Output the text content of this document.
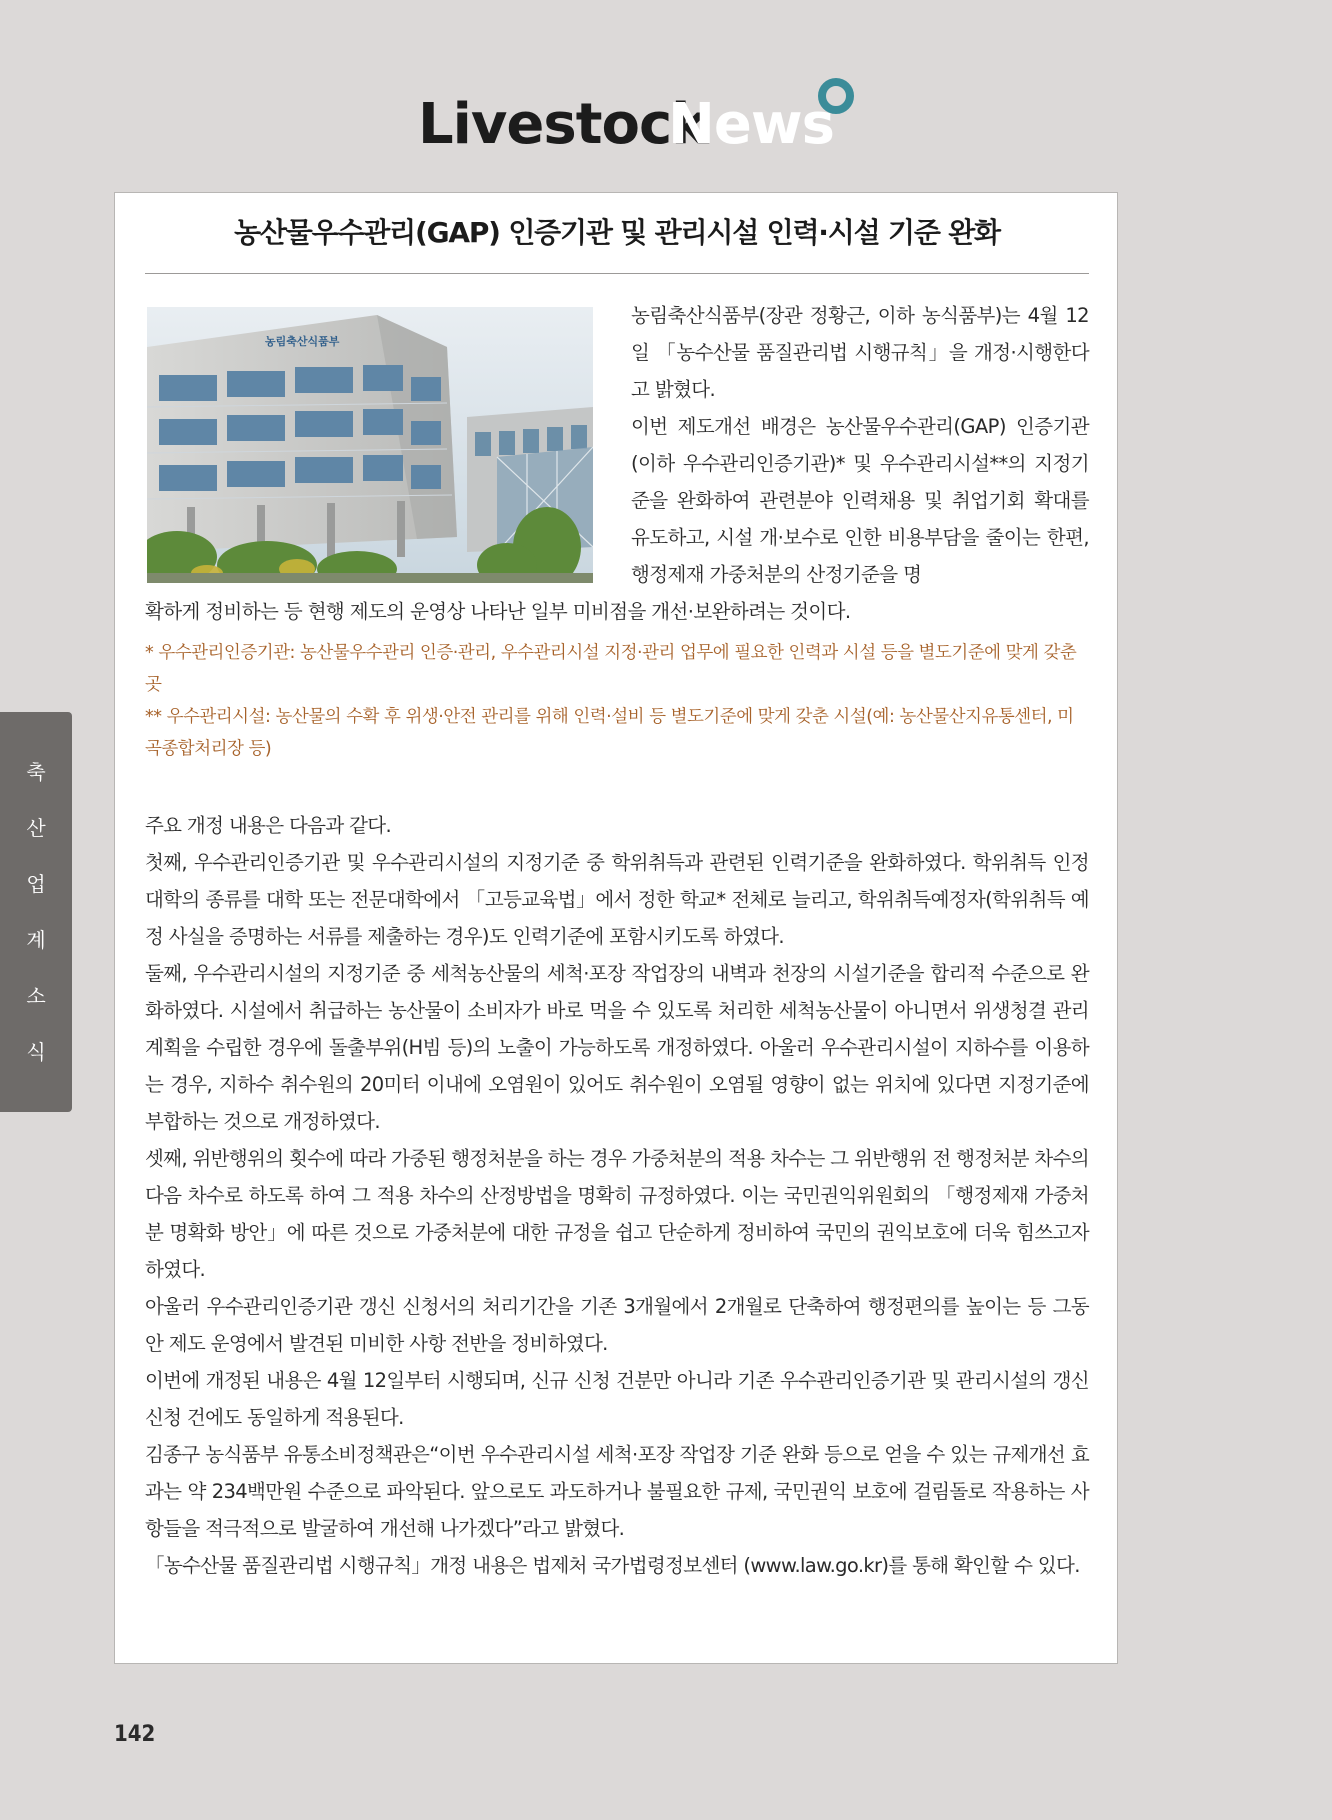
Livestock
News
축
산
업
계
소
식
농산물우수관리(GAP) 인증기관 및 관리시설 인력·시설 기준 완화
농림축산식품부

농림축산식품부(장관 정황근, 이하 농식품부)는 4월 12일 「농수산물 품질관리법 시행규칙」을 개정·시행한다고 밝혔다.

이번 제도개선 배경은 농산물우수관리(GAP) 인증기관(이하 우수관리인증기관)* 및 우수관리시설**의 지정기준을 완화하여 관련분야 인력채용 및 취업기회 확대를 유도하고, 시설 개·보수로 인한 비용부담을 줄이는 한편, 행정제재 가중처분의 산정기준을 명

확하게 정비하는 등 현행 제도의 운영상 나타난 일부 미비점을 개선·보완하려는 것이다.

* 우수관리인증기관: 농산물우수관리 인증·관리, 우수관리시설 지정·관리 업무에 필요한 인력과 시설 등을 별도기준에 맞게 갖춘 곳

** 우수관리시설: 농산물의 수확 후 위생·안전 관리를 위해 인력·설비 등 별도기준에 맞게 갖춘 시설(예: 농산물산지유통센터, 미곡종합처리장 등)

주요 개정 내용은 다음과 같다.

첫째, 우수관리인증기관 및 우수관리시설의 지정기준 중 학위취득과 관련된 인력기준을 완화하였다. 학위취득 인정 대학의 종류를 대학 또는 전문대학에서 「고등교육법」에서 정한 학교* 전체로 늘리고, 학위취득예정자(학위취득 예정 사실을 증명하는 서류를 제출하는 경우)도 인력기준에 포함시키도록 하였다.

둘째, 우수관리시설의 지정기준 중 세척농산물의 세척·포장 작업장의 내벽과 천장의 시설기준을 합리적 수준으로 완화하였다. 시설에서 취급하는 농산물이 소비자가 바로 먹을 수 있도록 처리한 세척농산물이 아니면서 위생청결 관리계획을 수립한 경우에 돌출부위(H빔 등)의 노출이 가능하도록 개정하였다. 아울러 우수관리시설이 지하수를 이용하는 경우, 지하수 취수원의 20미터 이내에 오염원이 있어도 취수원이 오염될 영향이 없는 위치에 있다면 지정기준에 부합하는 것으로 개정하였다.

셋째, 위반행위의 횟수에 따라 가중된 행정처분을 하는 경우 가중처분의 적용 차수는 그 위반행위 전 행정처분 차수의 다음 차수로 하도록 하여 그 적용 차수의 산정방법을 명확히 규정하였다. 이는 국민권익위원회의 「행정제재 가중처분 명확화 방안」에 따른 것으로 가중처분에 대한 규정을 쉽고 단순하게 정비하여 국민의 권익보호에 더욱 힘쓰고자 하였다.

아울러 우수관리인증기관 갱신 신청서의 처리기간을 기존 3개월에서 2개월로 단축하여 행정편의를 높이는 등 그동안 제도 운영에서 발견된 미비한 사항 전반을 정비하였다.

이번에 개정된 내용은 4월 12일부터 시행되며, 신규 신청 건분만 아니라 기존 우수관리인증기관 및 관리시설의 갱신 신청 건에도 동일하게 적용된다.

김종구 농식품부 유통소비정책관은“이번 우수관리시설 세척·포장 작업장 기준 완화 등으로 얻을 수 있는 규제개선 효과는 약 234백만원 수준으로 파악된다. 앞으로도 과도하거나 불필요한 규제, 국민권익 보호에 걸림돌로 작용하는 사항들을 적극적으로 발굴하여 개선해 나가겠다”라고 밝혔다.

「농수산물 품질관리법 시행규칙」개정 내용은 법제처 국가법령정보센터 (www.law.go.kr)를 통해 확인할 수 있다.

142
